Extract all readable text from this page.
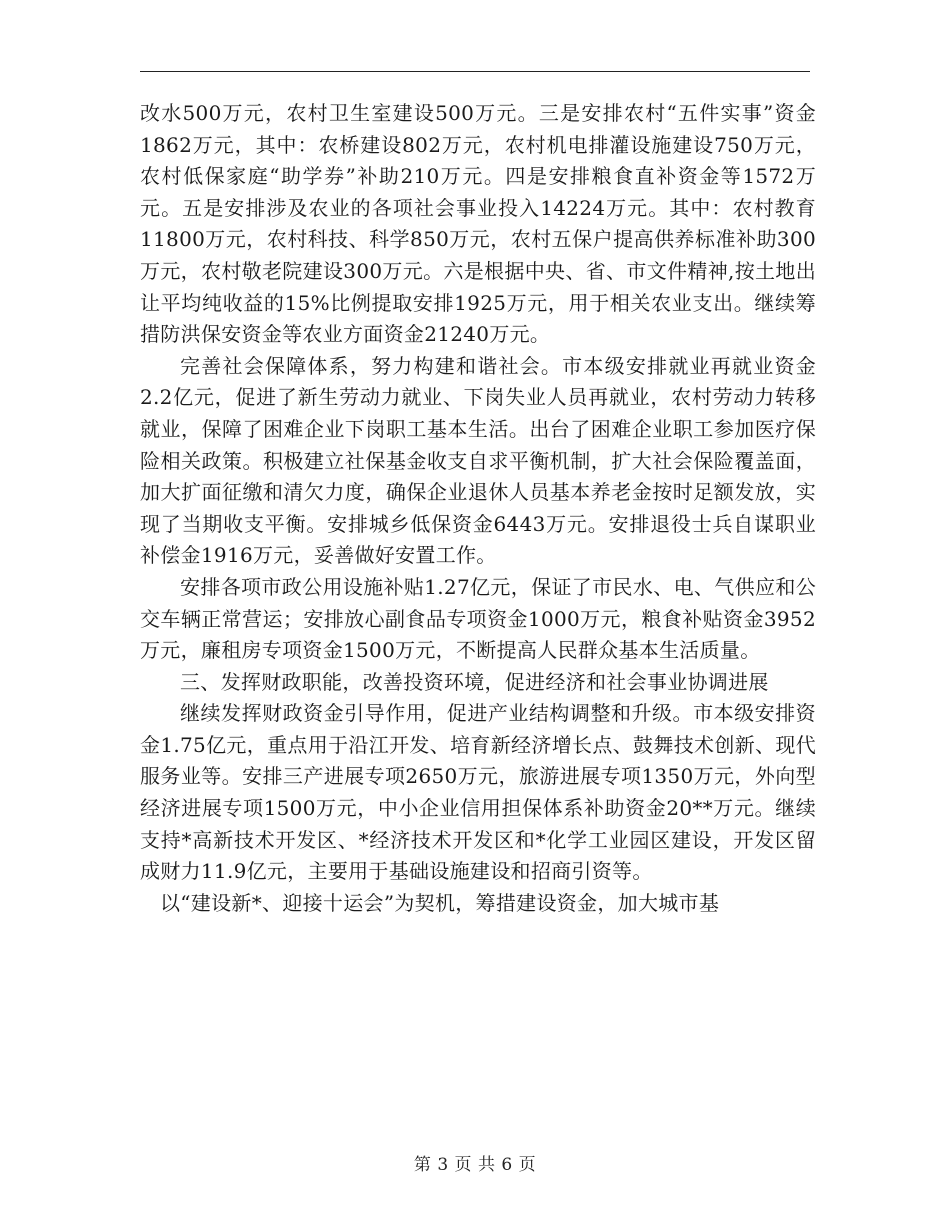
改水500万元，农村卫生室建设500万元。三是安排农村“五件实事”资金1862万元，其中：农桥建设802万元，农村机电排灌设施建设750万元，农村低保家庭“助学券”补助210万元。四是安排粮食直补资金等1572万元。五是安排涉及农业的各项社会事业投入14224万元。其中：农村教育11800万元，农村科技、科学850万元，农村五保户提高供养标准补助300万元，农村敬老院建设300万元。六是根据中央、省、市文件精神,按土地出让平均纯收益的15%比例提取安排1925万元，用于相关农业支出。继续筹措防洪保安资金等农业方面资金21240万元。

完善社会保障体系，努力构建和谐社会。市本级安排就业再就业资金2.2亿元，促进了新生劳动力就业、下岗失业人员再就业，农村劳动力转移就业，保障了困难企业下岗职工基本生活。出台了困难企业职工参加医疗保险相关政策。积极建立社保基金收支自求平衡机制，扩大社会保险覆盖面，加大扩面征缴和清欠力度，确保企业退休人员基本养老金按时足额发放，实现了当期收支平衡。安排城乡低保资金6443万元。安排退役士兵自谋职业补偿金1916万元，妥善做好安置工作。

安排各项市政公用设施补贴1.27亿元，保证了市民水、电、气供应和公交车辆正常营运；安排放心副食品专项资金1000万元，粮食补贴资金3952万元，廉租房专项资金1500万元，不断提高人民群众基本生活质量。

三、发挥财政职能，改善投资环境，促进经济和社会事业协调进展

继续发挥财政资金引导作用，促进产业结构调整和升级。市本级安排资金1.75亿元，重点用于沿江开发、培育新经济增长点、鼓舞技术创新、现代服务业等。安排三产进展专项2650万元，旅游进展专项1350万元，外向型经济进展专项1500万元，中小企业信用担保体系补助资金20**万元。继续支持*高新技术开发区、*经济技术开发区和*化学工业园区建设，开发区留成财力11.9亿元，主要用于基础设施建设和招商引资等。

以“建设新*、迎接十运会”为契机，筹措建设资金，加大城市基

第 3 页 共 6 页
